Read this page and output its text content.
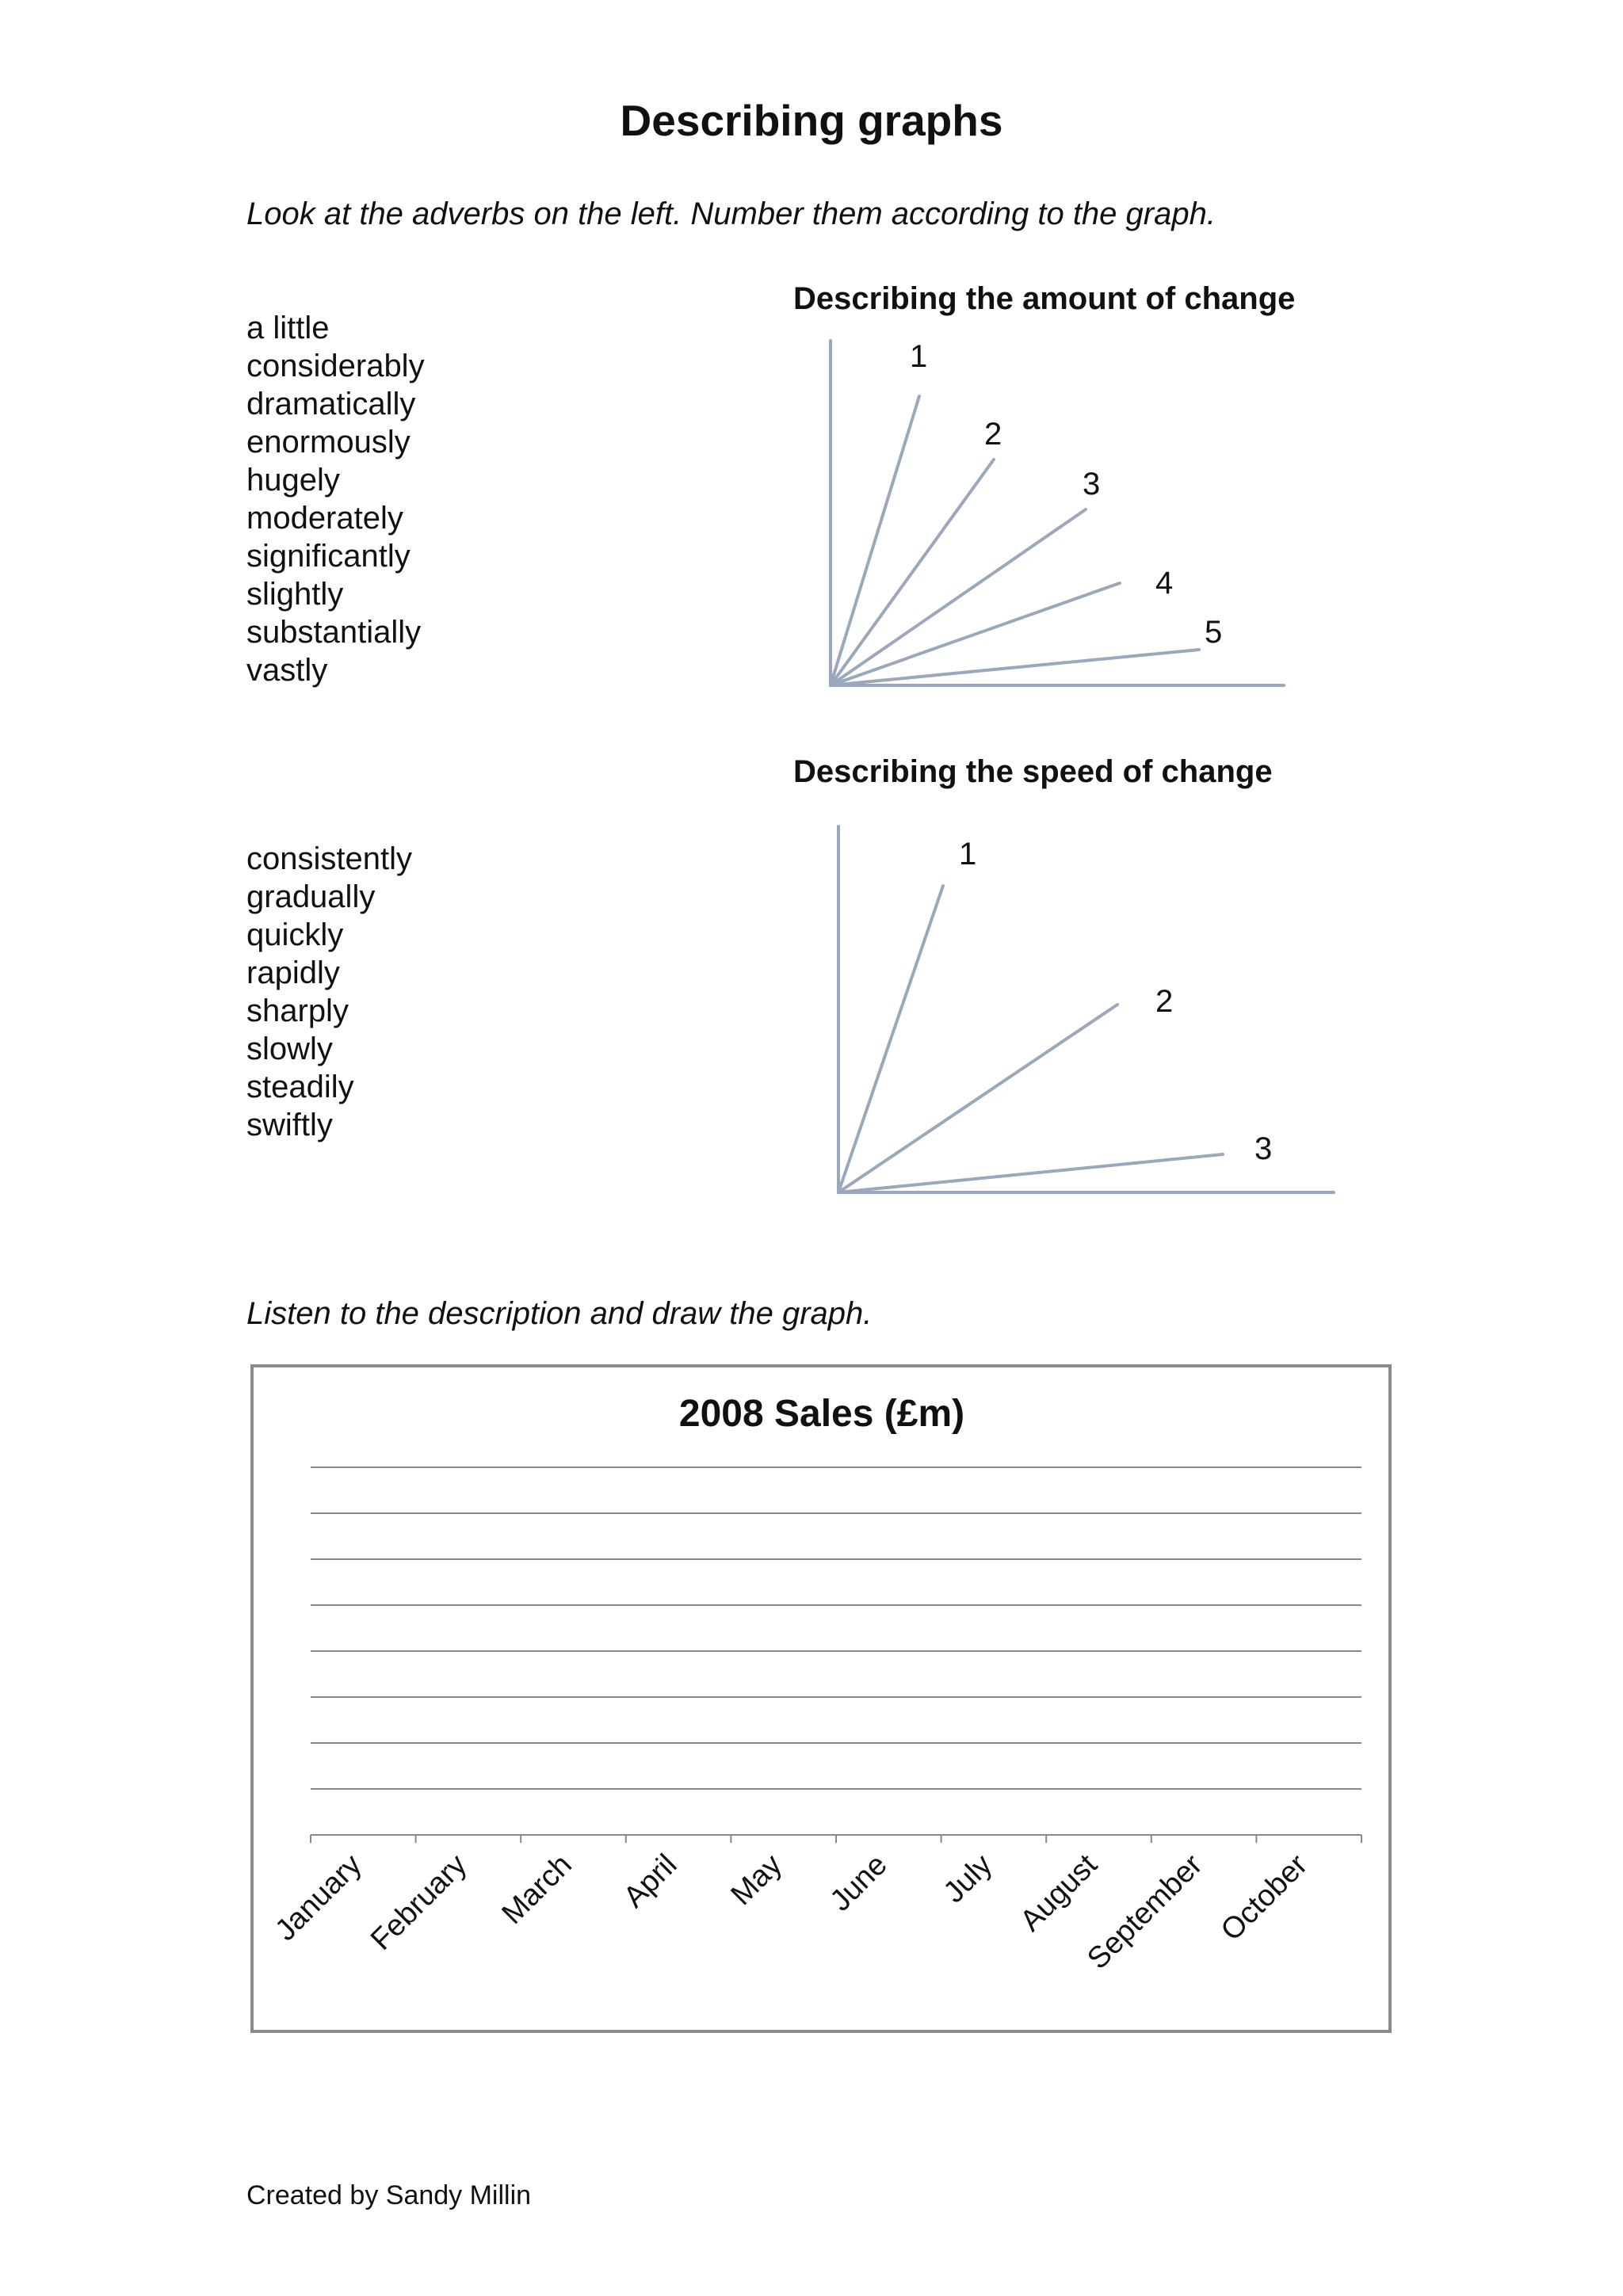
Describing graphs
Look at the adverbs on the left. Number them according to the graph.
Describing the amount of change
a little
considerably
dramatically
enormously
hugely
moderately
significantly
slightly
substantially
vastly
1
2
3
4
5
1
2
3
Describing the speed of change
consistently
gradually
quickly
rapidly
sharply
slowly
steadily
swiftly
Listen to the description and draw the graph.
2008 Sales (£m)
January
February March April May June July August
September October
Created by Sandy Millin
